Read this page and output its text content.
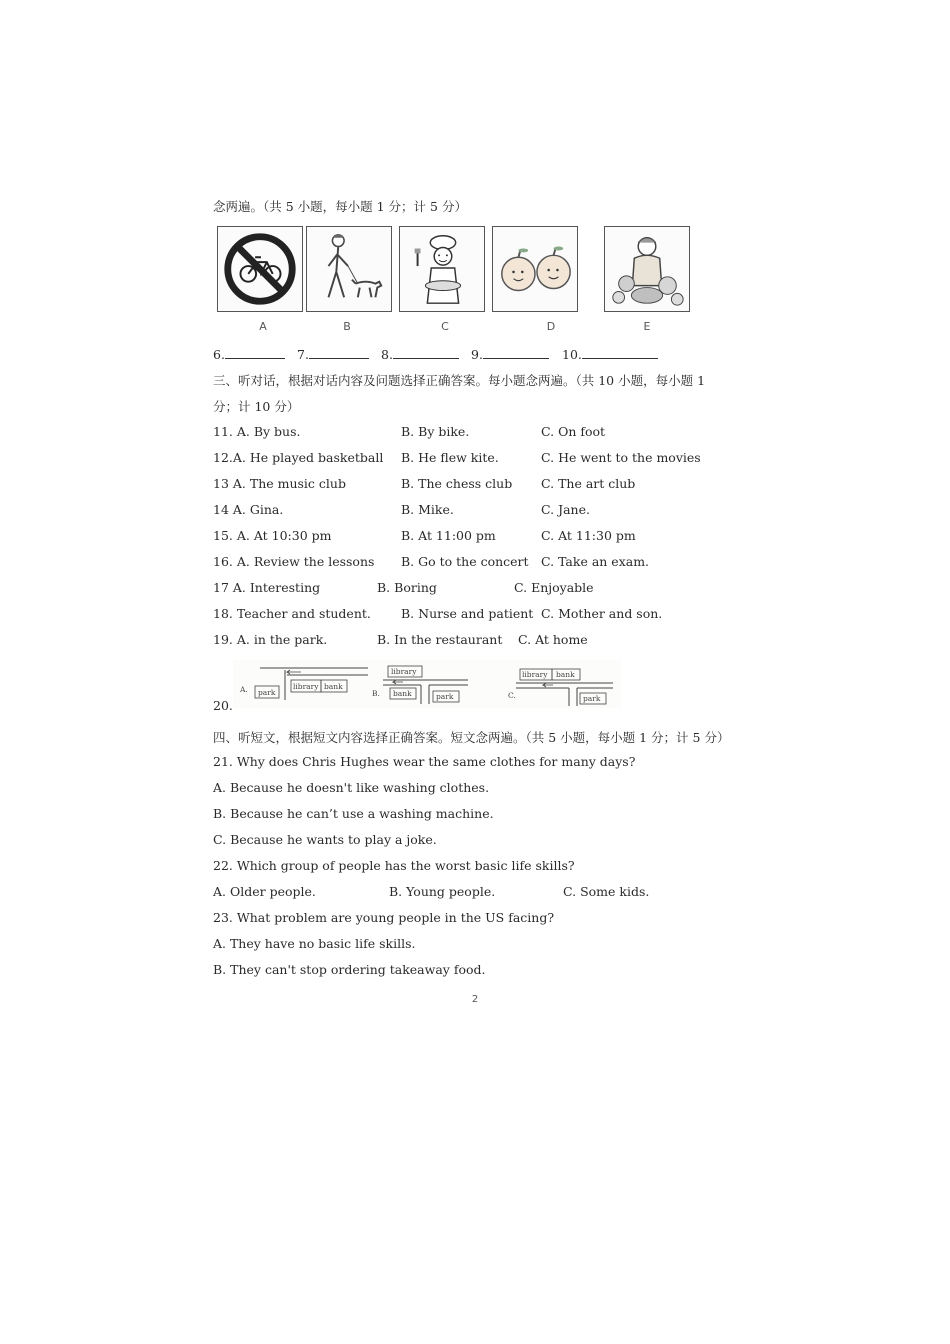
念两遍。（共 5 小题，每小题 1 分；计 5 分）
A	B	C	D	E
6.	7.	8.	9.	10.
三、听对话，根据对话内容及问题选择正确答案。每小题念两遍。（共 10 小题，每小题 1
分；计 10 分）
11. A. By bus.	B. By bike.	C. On foot
12.A. He played basketball B. He flew kite.	C. He went to the movies
13 A. The music club	B. The chess club C. The art club
14 A. Gina.	B. Mike.	C. Jane.
15. A. At 10:30 pm	B. At 11:00 pm	C. At 11:30 pm
16. A. Review the lessons B. Go to the concert C. Take an exam.
17 A. Interesting	B. Boring	C. Enjoyable
18. Teacher and student. B. Nurse and patient C. Mother and son.
19. A. in the park.	B. In the restaurant C. At home
A. park
library bank
B.
library
bank	park	C.
library bank
park
20.
四、听短文，根据短文内容选择正确答案。短文念两遍。（共 5 小题，每小题 1 分；计 5 分）
21. Why does Chris Hughes wear the same clothes for many days?
A. Because he doesn't like washing clothes.
B. Because he can’t use a washing machine.
C. Because he wants to play a joke.
22. Which group of people has the worst basic life skills?
A. Older people.	B. Young people.	C. Some kids.
23. What problem are young people in the US facing?
A. They have no basic life skills.
B. They can't stop ordering takeaway food.
2
